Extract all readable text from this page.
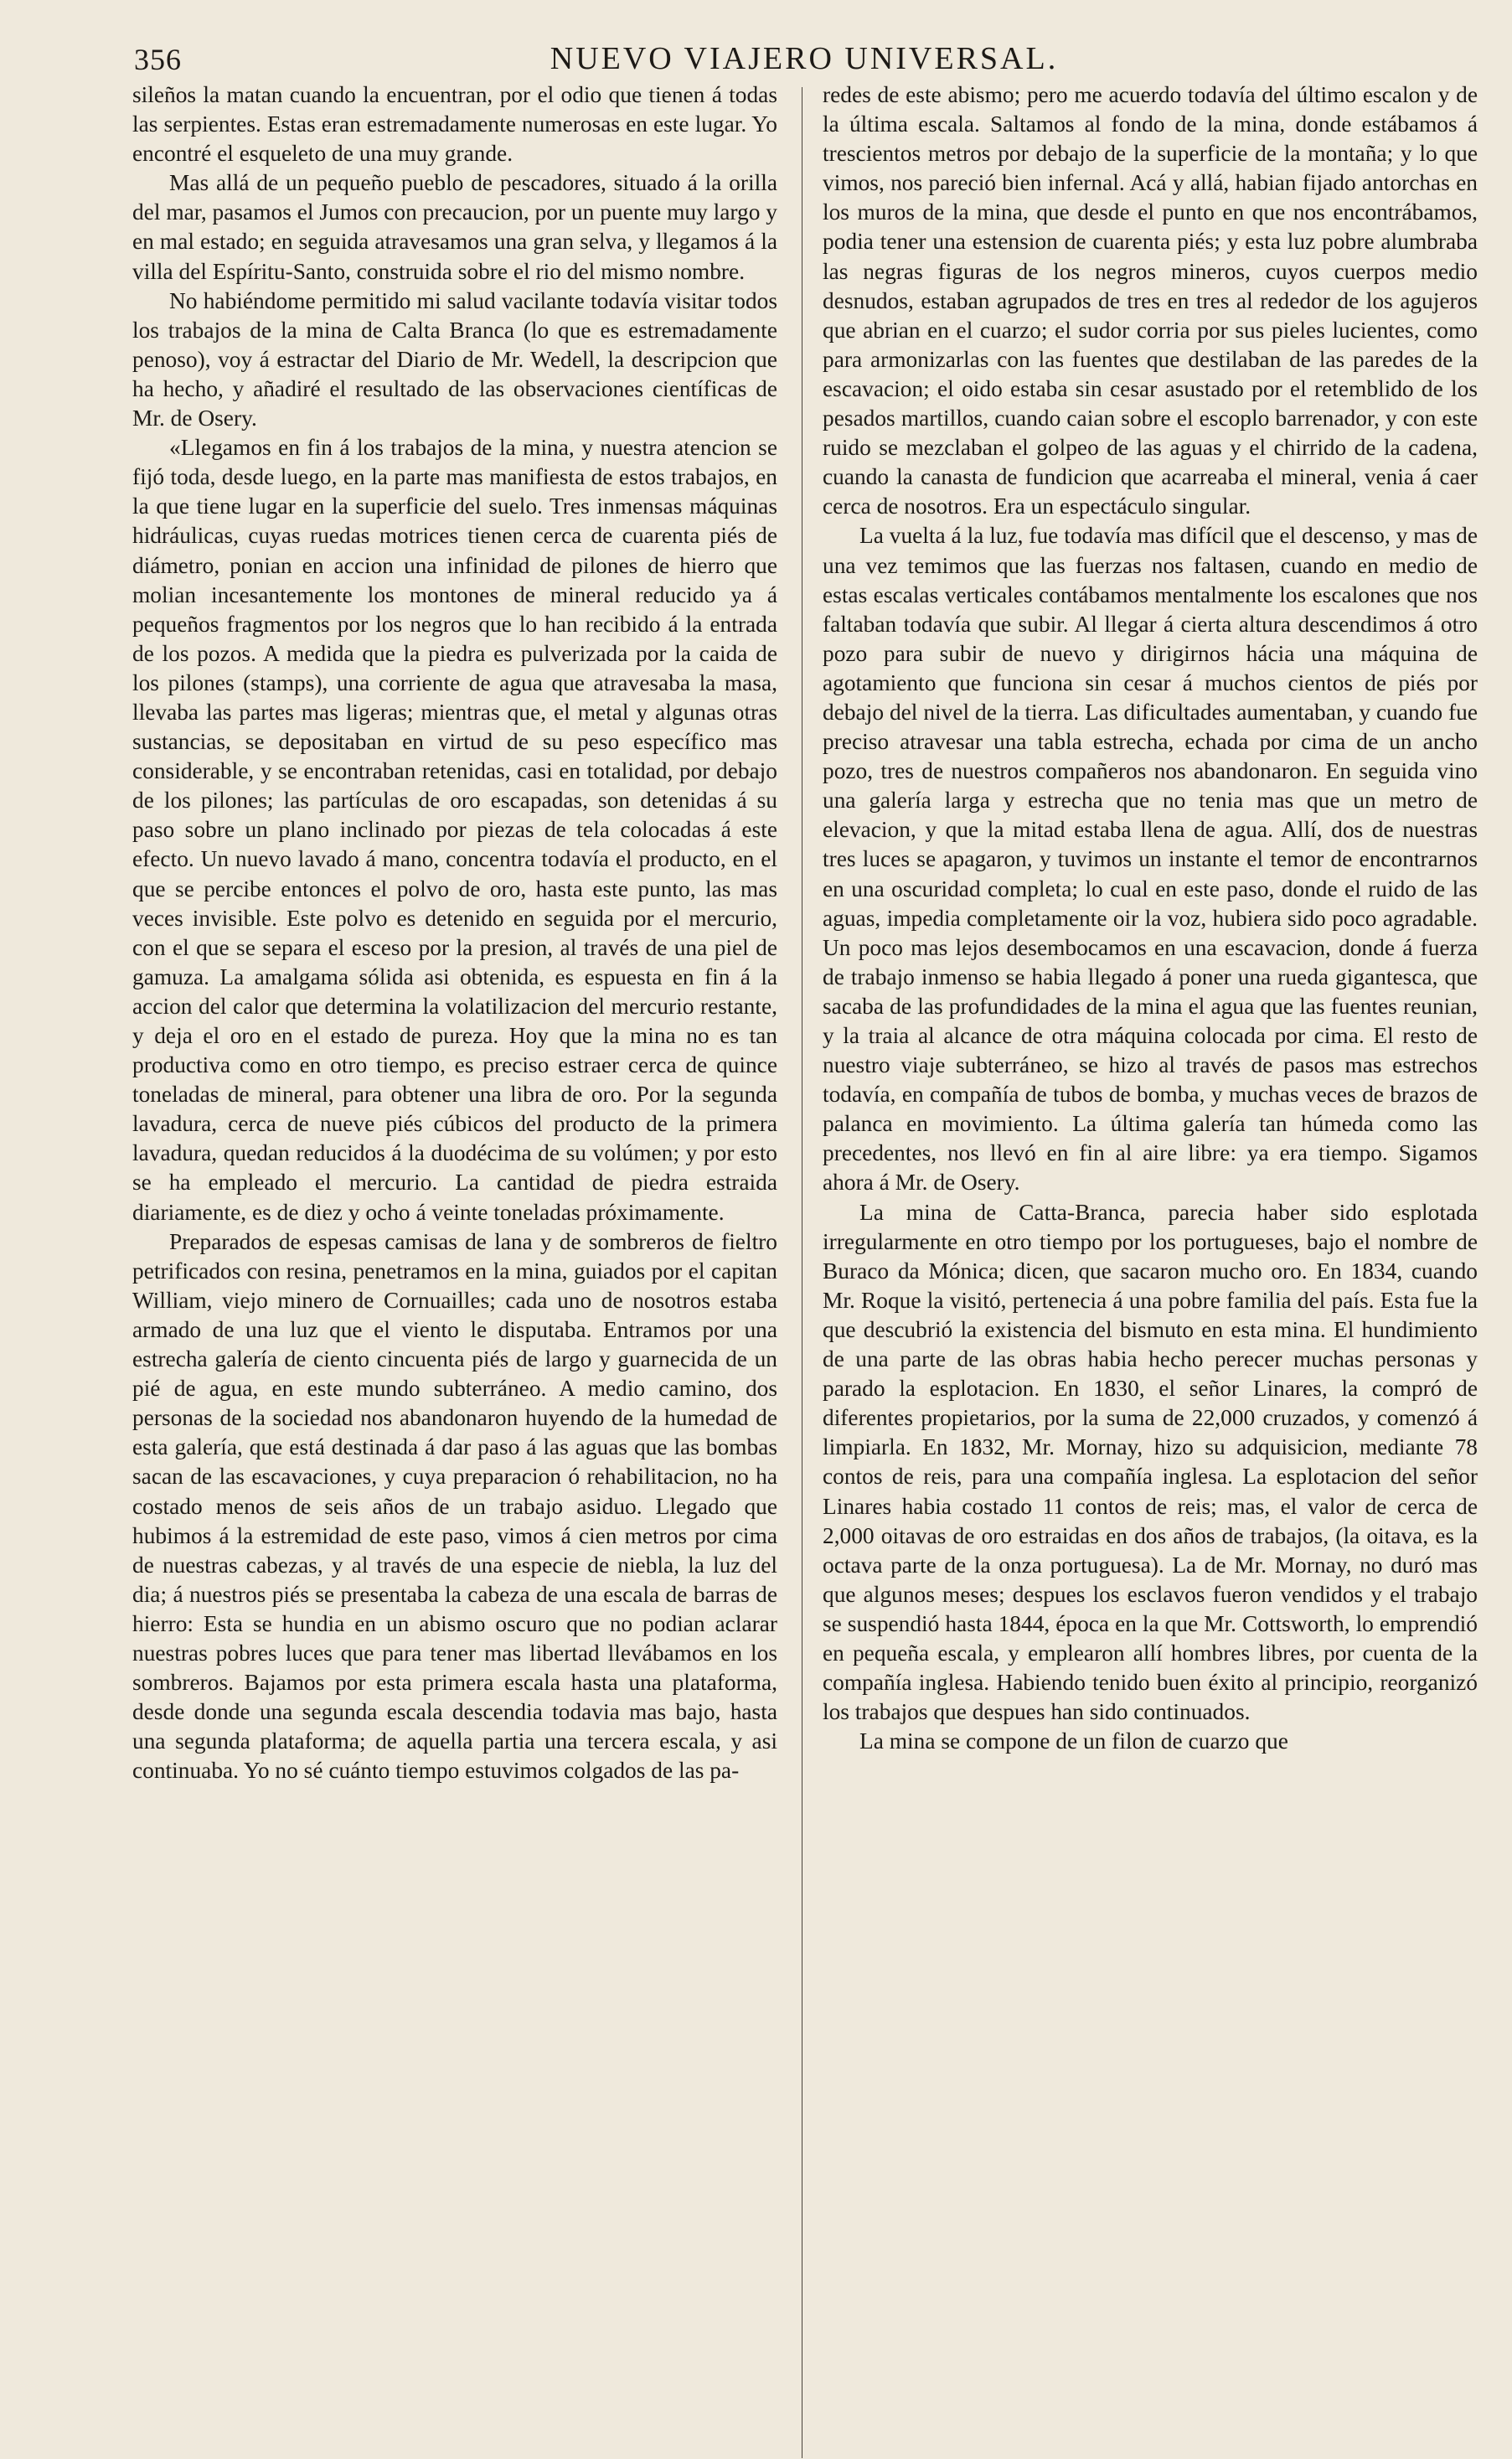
356	NUEVO VIAJERO UNIVERSAL.

sileños la matan cuando la encuentran, por el odio que tienen á todas las serpientes. Estas eran estremadamente numerosas en este lugar. Yo encontré el esqueleto de una muy grande.

Mas allá de un pequeño pueblo de pescadores, situado á la orilla del mar, pasamos el Jumos con precaucion, por un puente muy largo y en mal estado; en seguida atravesamos una gran selva, y llegamos á la villa del Espíritu-Santo, construida sobre el rio del mismo nombre.

No habiéndome permitido mi salud vacilante todavía visitar todos los trabajos de la mina de Calta Branca (lo que es estremadamente penoso), voy á estractar del Diario de Mr. Wedell, la descripcion que ha hecho, y añadiré el resultado de las observaciones científicas de Mr. de Osery.

«Llegamos en fin á los trabajos de la mina, y nuestra atencion se fijó toda, desde luego, en la parte mas manifiesta de estos trabajos, en la que tiene lugar en la superficie del suelo. Tres inmensas máquinas hidráulicas, cuyas ruedas motrices tienen cerca de cuarenta piés de diámetro, ponian en accion una infinidad de pilones de hierro que molian incesantemente los montones de mineral reducido ya á pequeños fragmentos por los negros que lo han recibido á la entrada de los pozos. A medida que la piedra es pulverizada por la caida de los pilones (stamps), una corriente de agua que atravesaba la masa, llevaba las partes mas ligeras; mientras que, el metal y algunas otras sustancias, se depositaban en virtud de su peso específico mas considerable, y se encontraban retenidas, casi en totalidad, por debajo de los pilones; las partículas de oro escapadas, son detenidas á su paso sobre un plano inclinado por piezas de tela colocadas á este efecto. Un nuevo lavado á mano, concentra todavía el producto, en el que se percibe entonces el polvo de oro, hasta este punto, las mas veces invisible. Este polvo es detenido en seguida por el mercurio, con el que se separa el esceso por la presion, al través de una piel de gamuza. La amalgama sólida asi obtenida, es espuesta en fin á la accion del calor que determina la volatilizacion del mercurio restante, y deja el oro en el estado de pureza. Hoy que la mina no es tan productiva como en otro tiempo, es preciso estraer cerca de quince toneladas de mineral, para obtener una libra de oro. Por la segunda lavadura, cerca de nueve piés cúbicos del producto de la primera lavadura, quedan reducidos á la duodécima de su volúmen; y por esto se ha empleado el mercurio. La cantidad de piedra estraida diariamente, es de diez y ocho á veinte toneladas próximamente.

Preparados de espesas camisas de lana y de sombreros de fieltro petrificados con resina, penetramos en la mina, guiados por el capitan William, viejo minero de Cornuailles; cada uno de nosotros estaba armado de una luz que el viento le disputaba. Entramos por una estrecha galería de ciento cincuenta piés de largo y guarnecida de un pié de agua, en este mundo subterráneo. A medio camino, dos personas de la sociedad nos abandonaron huyendo de la humedad de esta galería, que está destinada á dar paso á las aguas que las bombas sacan de las escavaciones, y cuya preparacion ó rehabilitacion, no ha costado menos de seis años de un trabajo asiduo. Llegado que hubimos á la estremidad de este paso, vimos á cien metros por cima de nuestras cabezas, y al través de una especie de niebla, la luz del dia; á nuestros piés se presentaba la cabeza de una escala de barras de hierro: Esta se hundia en un abismo oscuro que no podian aclarar nuestras pobres luces que para tener mas libertad llevábamos en los sombreros. Bajamos por esta primera escala hasta una plataforma, desde donde una segunda escala descendia todavia mas bajo, hasta una segunda plataforma; de aquella partia una tercera escala, y asi continuaba. Yo no sé cuánto tiempo estuvimos colgados de las pa-

redes de este abismo; pero me acuerdo todavía del último escalon y de la última escala. Saltamos al fondo de la mina, donde estábamos á trescientos metros por debajo de la superficie de la montaña; y lo que vimos, nos pareció bien infernal. Acá y allá, habian fijado antorchas en los muros de la mina, que desde el punto en que nos encontrábamos, podia tener una estension de cuarenta piés; y esta luz pobre alumbraba las negras figuras de los negros mineros, cuyos cuerpos medio desnudos, estaban agrupados de tres en tres al rededor de los agujeros que abrian en el cuarzo; el sudor corria por sus pieles lucientes, como para armonizarlas con las fuentes que destilaban de las paredes de la escavacion; el oido estaba sin cesar asustado por el retemblido de los pesados martillos, cuando caian sobre el escoplo barrenador, y con este ruido se mezclaban el golpeo de las aguas y el chirrido de la cadena, cuando la canasta de fundicion que acarreaba el mineral, venia á caer cerca de nosotros. Era un espectáculo singular.

La vuelta á la luz, fue todavía mas difícil que el descenso, y mas de una vez temimos que las fuerzas nos faltasen, cuando en medio de estas escalas verticales contábamos mentalmente los escalones que nos faltaban todavía que subir. Al llegar á cierta altura descendimos á otro pozo para subir de nuevo y dirigirnos hácia una máquina de agotamiento que funciona sin cesar á muchos cientos de piés por debajo del nivel de la tierra. Las dificultades aumentaban, y cuando fue preciso atravesar una tabla estrecha, echada por cima de un ancho pozo, tres de nuestros compañeros nos abandonaron. En seguida vino una galería larga y estrecha que no tenia mas que un metro de elevacion, y que la mitad estaba llena de agua. Allí, dos de nuestras tres luces se apagaron, y tuvimos un instante el temor de encontrarnos en una oscuridad completa; lo cual en este paso, donde el ruido de las aguas, impedia completamente oir la voz, hubiera sido poco agradable. Un poco mas lejos desembocamos en una escavacion, donde á fuerza de trabajo inmenso se habia llegado á poner una rueda gigantesca, que sacaba de las profundidades de la mina el agua que las fuentes reunian, y la traia al alcance de otra máquina colocada por cima. El resto de nuestro viaje subterráneo, se hizo al través de pasos mas estrechos todavía, en compañía de tubos de bomba, y muchas veces de brazos de palanca en movimiento. La última galería tan húmeda como las precedentes, nos llevó en fin al aire libre: ya era tiempo. Sigamos ahora á Mr. de Osery.

La mina de Catta-Branca, parecia haber sido esplotada irregularmente en otro tiempo por los portugueses, bajo el nombre de Buraco da Mónica; dicen, que sacaron mucho oro. En 1834, cuando Mr. Roque la visitó, pertenecia á una pobre familia del país. Esta fue la que descubrió la existencia del bismuto en esta mina. El hundimiento de una parte de las obras habia hecho perecer muchas personas y parado la esplotacion. En 1830, el señor Linares, la compró de diferentes propietarios, por la suma de 22,000 cruzados, y comenzó á limpiarla. En 1832, Mr. Mornay, hizo su adquisicion, mediante 78 contos de reis, para una compañía inglesa. La esplotacion del señor Linares habia costado 11 contos de reis; mas, el valor de cerca de 2,000 oitavas de oro estraidas en dos años de trabajos, (la oitava, es la octava parte de la onza portuguesa). La de Mr. Mornay, no duró mas que algunos meses; despues los esclavos fueron vendidos y el trabajo se suspendió hasta 1844, época en la que Mr. Cottsworth, lo emprendió en pequeña escala, y emplearon allí hombres libres, por cuenta de la compañía inglesa. Habiendo tenido buen éxito al principio, reorganizó los trabajos que despues han sido continuados.

La mina se compone de un filon de cuarzo que
